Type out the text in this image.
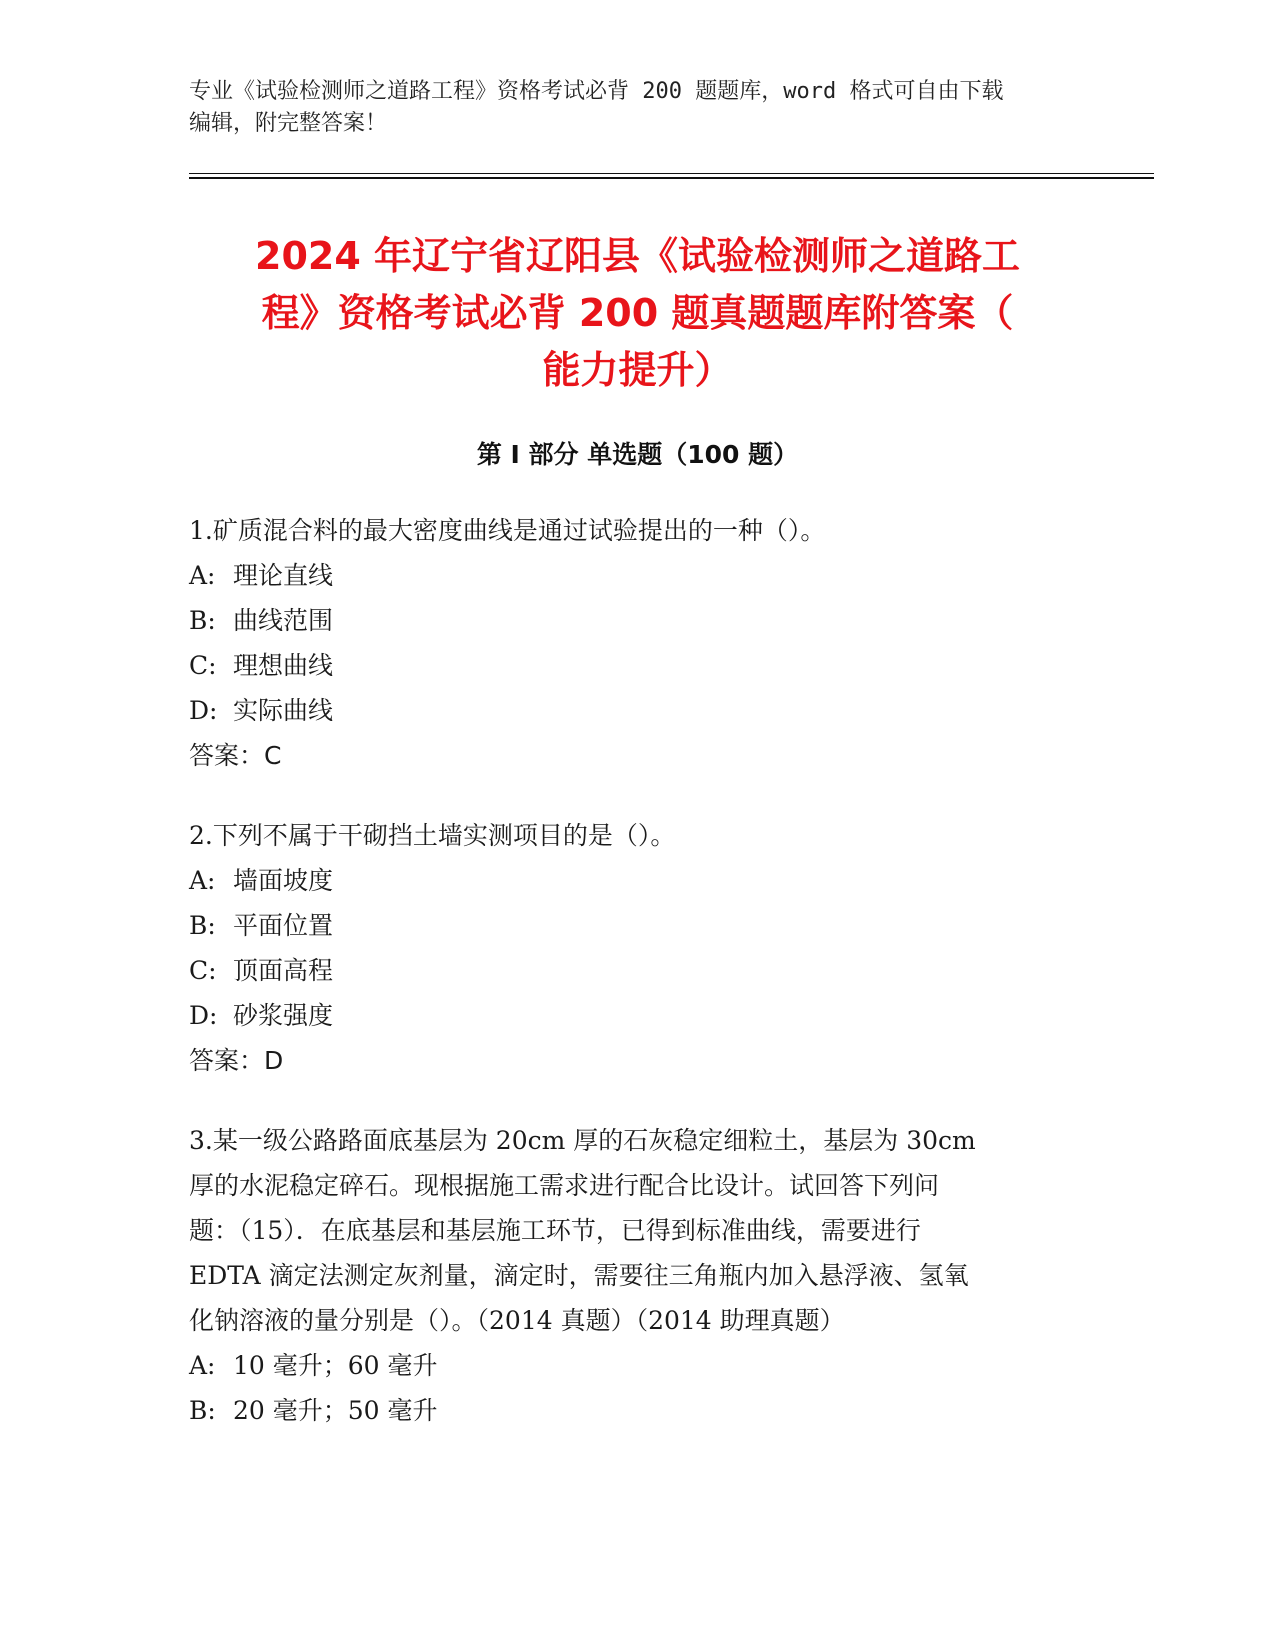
专业《试验检测师之道路工程》资格考试必背 200 题题库，word 格式可自由下载
编辑，附完整答案！
2024 年辽宁省辽阳县《试验检测师之道路工
程》资格考试必背 200 题真题题库附答案（
能力提升）
第 I 部分 单选题（100 题）

1.矿质混合料的最大密度曲线是通过试验提出的一种（）。

A: 理论直线

B: 曲线范围

C: 理想曲线

D: 实际曲线

答案：C

2.下列不属于干砌挡土墙实测项目的是（）。

A: 墙面坡度

B: 平面位置

C: 顶面高程

D: 砂浆强度

答案：D

3.某一级公路路面底基层为 20cm 厚的石灰稳定细粒土，基层为 30cm

厚的水泥稳定碎石。现根据施工需求进行配合比设计。试回答下列问

题：（15）．在底基层和基层施工环节，已得到标准曲线，需要进行

EDTA 滴定法测定灰剂量，滴定时，需要往三角瓶内加入悬浮液、氢氧

化钠溶液的量分别是（）。（2014 真题）（2014 助理真题）

A: 10 毫升；60 毫升

B: 20 毫升；50 毫升
